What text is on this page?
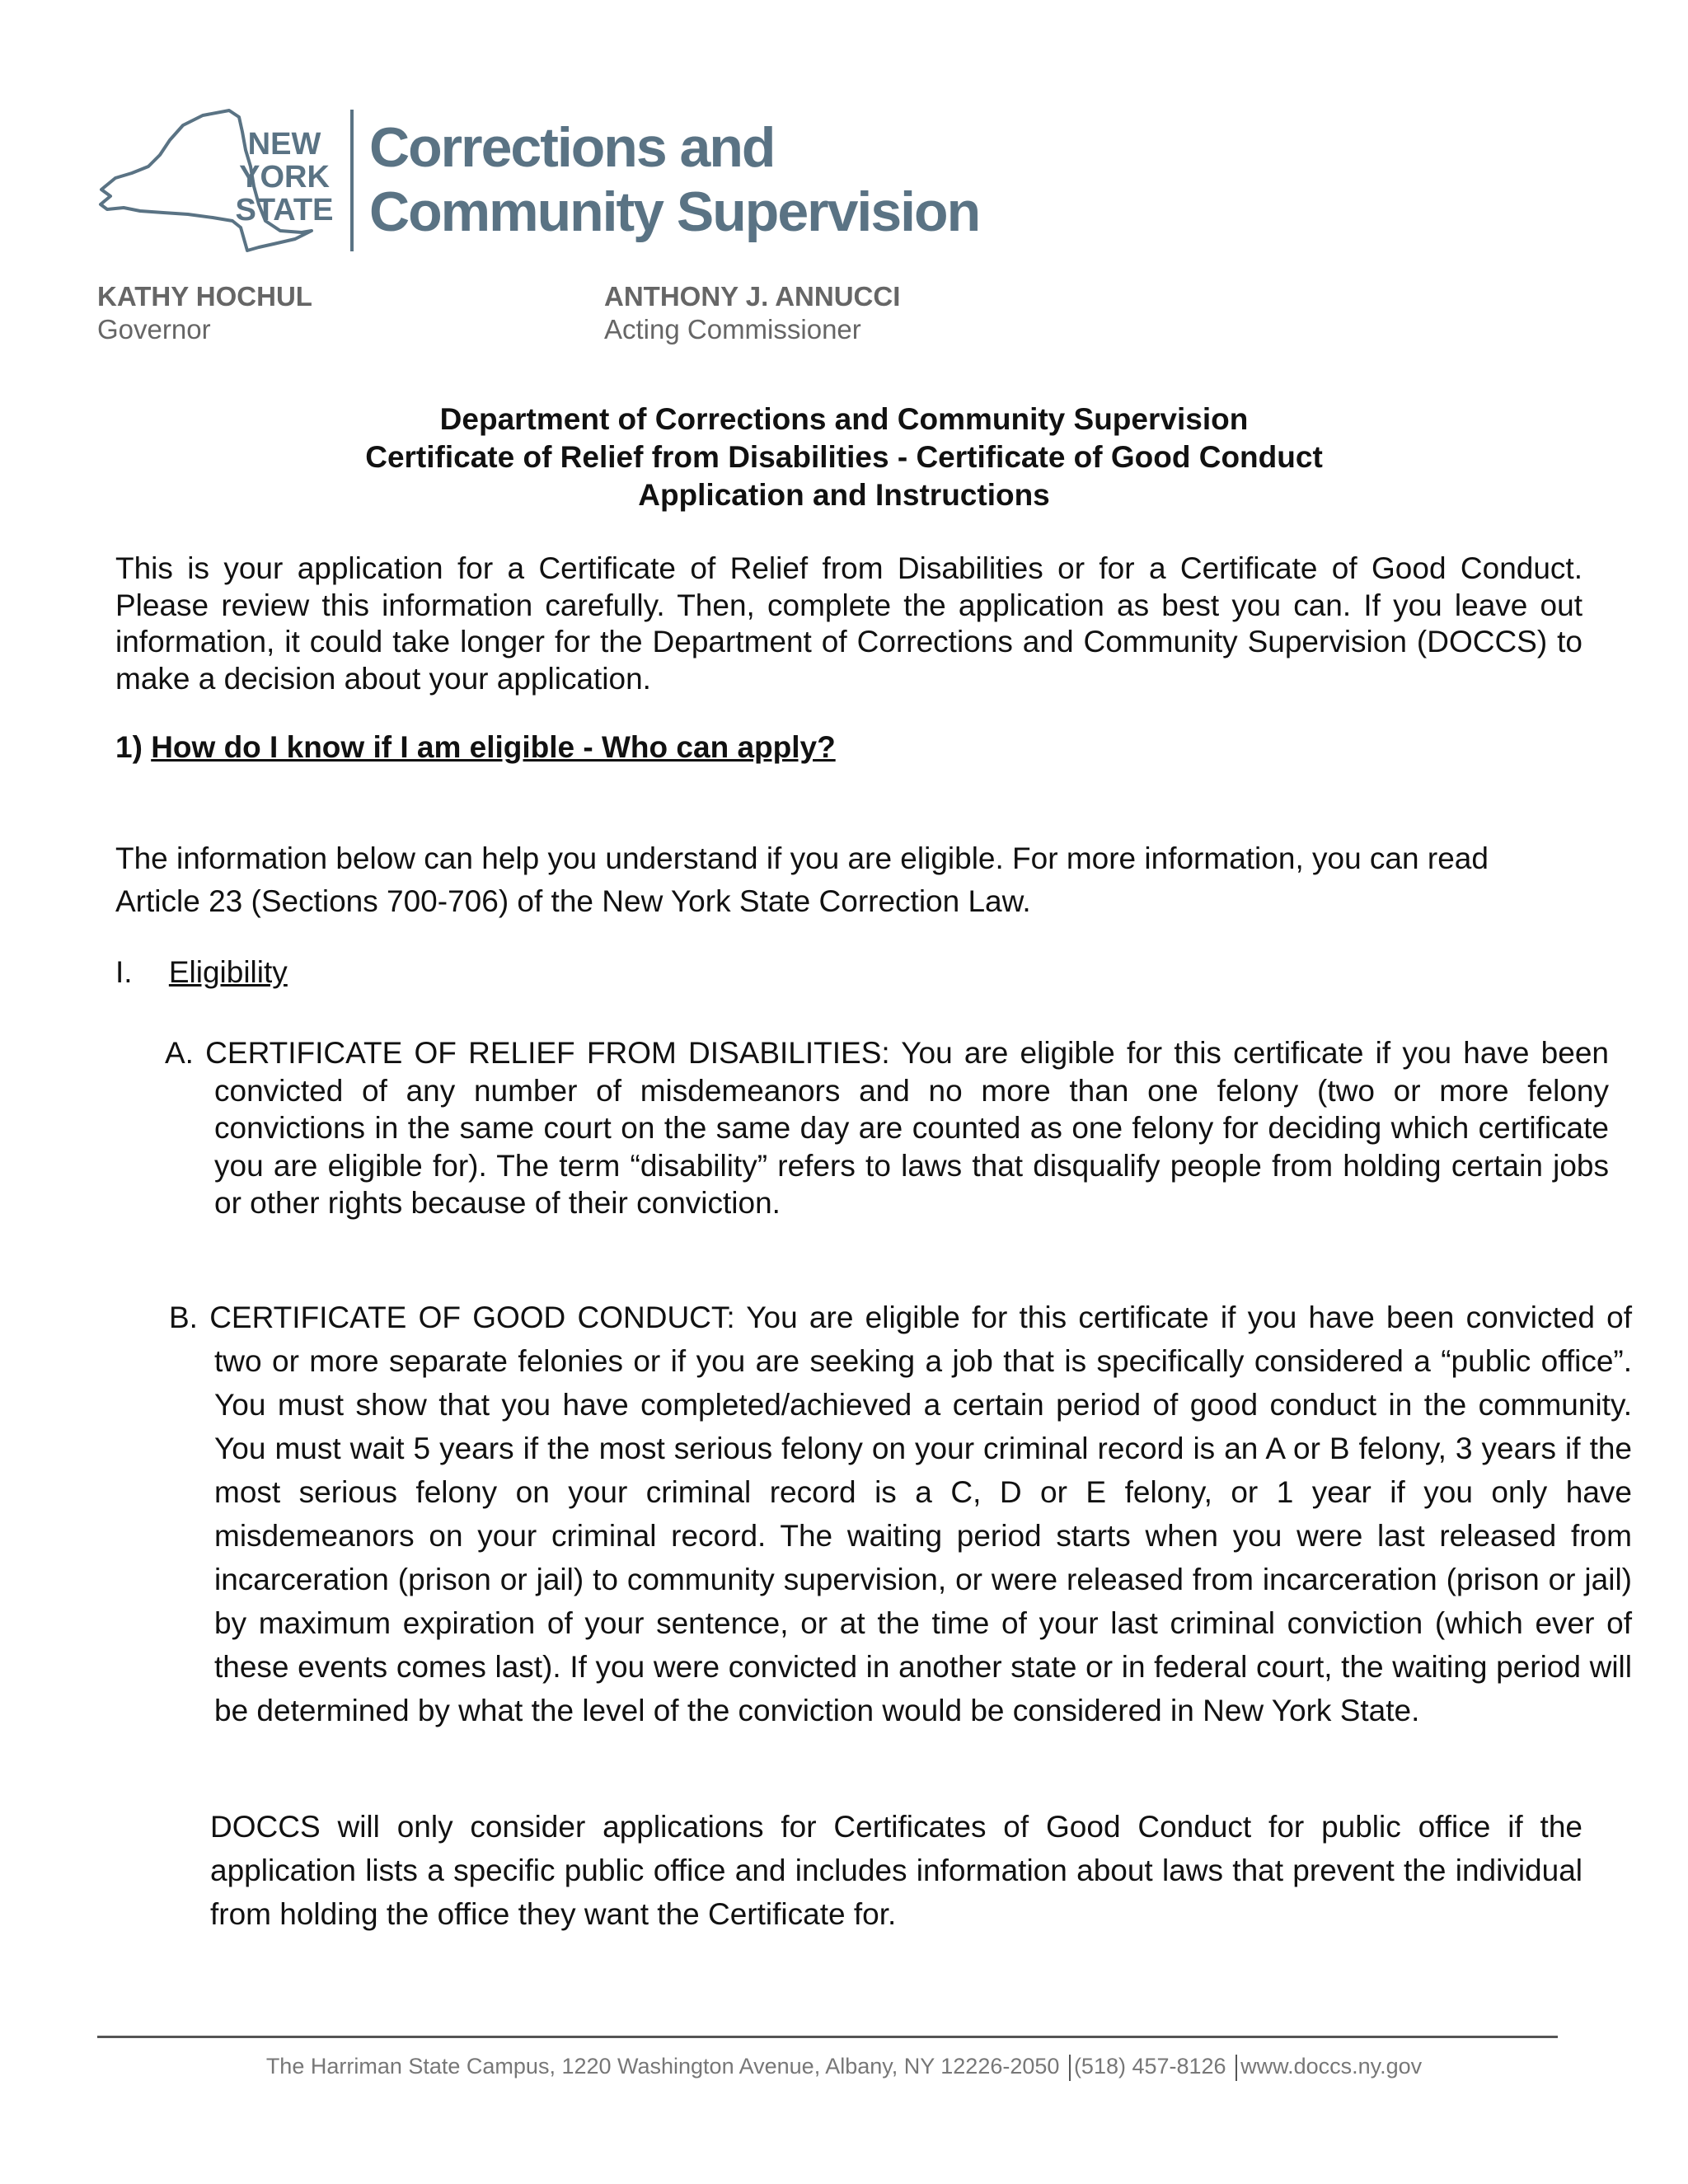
NEW
YORK
STATE
Corrections and
Community Supervision
KATHY HOCHUL
Governor
ANTHONY J. ANNUCCI
Acting Commissioner
Department of Corrections and Community Supervision
Certificate of Relief from Disabilities - Certificate of Good Conduct
Application and Instructions
This is your application for a Certificate of Relief from Disabilities or for a Certificate of Good Conduct. Please review this information carefully. Then, complete the application as best you can. If you leave out information, it could take longer for the Department of Corrections and Community Supervision (DOCCS) to make a decision about your application.
1) How do I know if I am eligible - Who can apply?
The information below can help you understand if you are eligible. For more information, you can read Article 23 (Sections 700-706) of the New York State Correction Law.
I. Eligibility
A. CERTIFICATE OF RELIEF FROM DISABILITIES: You are eligible for this certificate if you have been convicted of any number of misdemeanors and no more than one felony (two or more felony convictions in the same court on the same day are counted as one felony for deciding which certificate you are eligible for). The term “disability” refers to laws that disqualify people from holding certain jobs or other rights because of their conviction.
B. CERTIFICATE OF GOOD CONDUCT: You are eligible for this certificate if you have been convicted of two or more separate felonies or if you are seeking a job that is specifically considered a “public office”. You must show that you have completed/achieved a certain period of good conduct in the community. You must wait 5 years if the most serious felony on your criminal record is an A or B felony, 3 years if the most serious felony on your criminal record is a C, D or E felony, or 1 year if you only have misdemeanors on your criminal record. The waiting period starts when you were last released from incarceration (prison or jail) to community supervision, or were released from incarceration (prison or jail) by maximum expiration of your sentence, or at the time of your last criminal conviction (which ever of these events comes last). If you were convicted in another state or in federal court, the waiting period will be determined by what the level of the conviction would be considered in New York State.
DOCCS will only consider applications for Certificates of Good Conduct for public office if the application lists a specific public office and includes information about laws that prevent the individual from holding the office they want the Certificate for.
The Harriman State Campus, 1220 Washington Avenue, Albany, NY 12226-2050 (518) 457-8126 www.doccs.ny.gov
